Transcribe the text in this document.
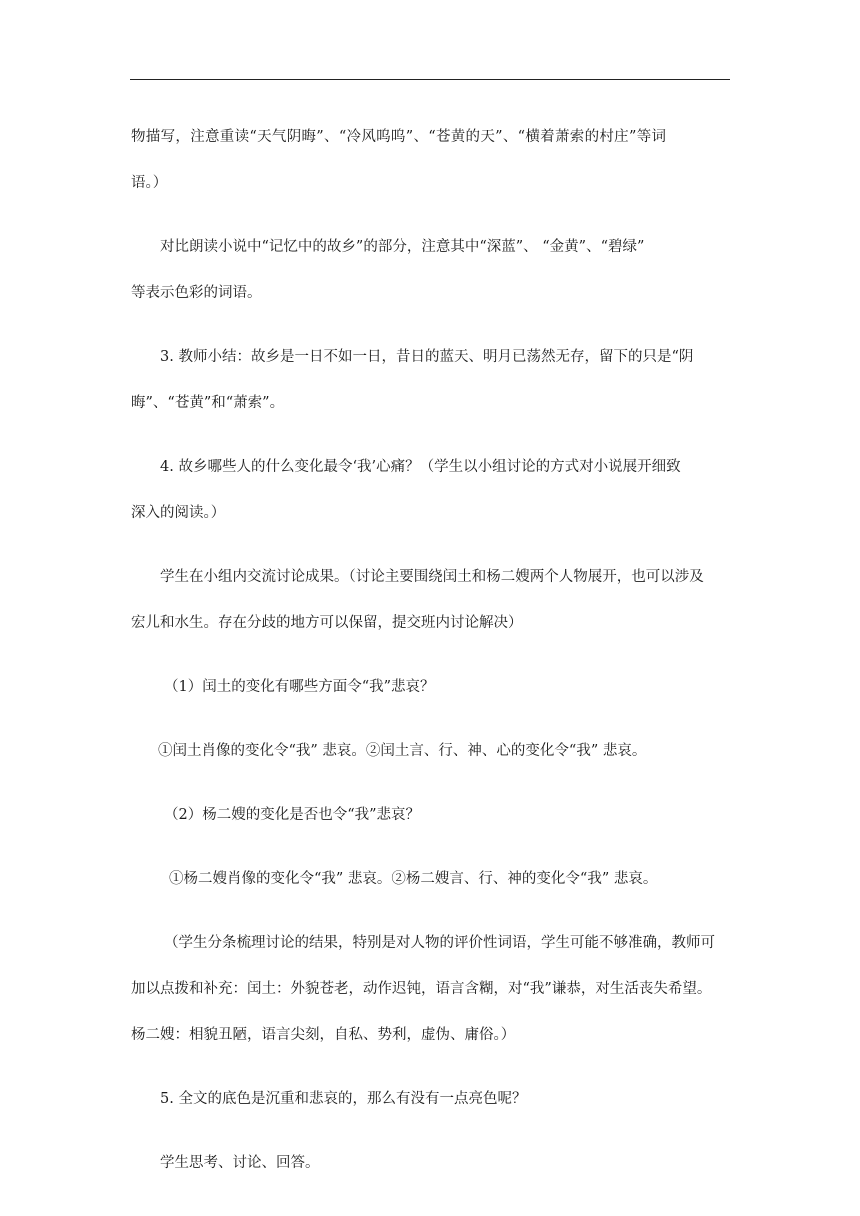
物描写，注意重读“天气阴晦”、“冷风呜呜”、“苍黄的天”、“横着萧索的村庄”等词

语。）

对比朗读小说中“记忆中的故乡”的部分，注意其中“深蓝”、 “金黄”、“碧绿”

等表示色彩的词语。

3. 教师小结：故乡是一日不如一日，昔日的蓝天、明月已荡然无存，留下的只是“阴

晦”、“苍黄”和“萧索”。

4. 故乡哪些人的什么变化最令‘我’心痛？（学生以小组讨论的方式对小说展开细致

深入的阅读。）

学生在小组内交流讨论成果。（讨论主要围绕闰土和杨二嫂两个人物展开，也可以涉及

宏儿和水生。存在分歧的地方可以保留，提交班内讨论解决）

（1）闰土的变化有哪些方面令“我”悲哀？

①闰土肖像的变化令“我” 悲哀。②闰土言、行、神、心的变化令“我” 悲哀。

（2）杨二嫂的变化是否也令“我”悲哀？

①杨二嫂肖像的变化令“我” 悲哀。②杨二嫂言、行、神的变化令“我” 悲哀。

（学生分条梳理讨论的结果，特别是对人物的评价性词语，学生可能不够准确，教师可

加以点拨和补充：闰土：外貌苍老，动作迟钝，语言含糊，对“我”谦恭，对生活丧失希望。

杨二嫂：相貌丑陋，语言尖刻，自私、势利，虚伪、庸俗。）

5. 全文的底色是沉重和悲哀的，那么有没有一点亮色呢？

学生思考、讨论、回答。
